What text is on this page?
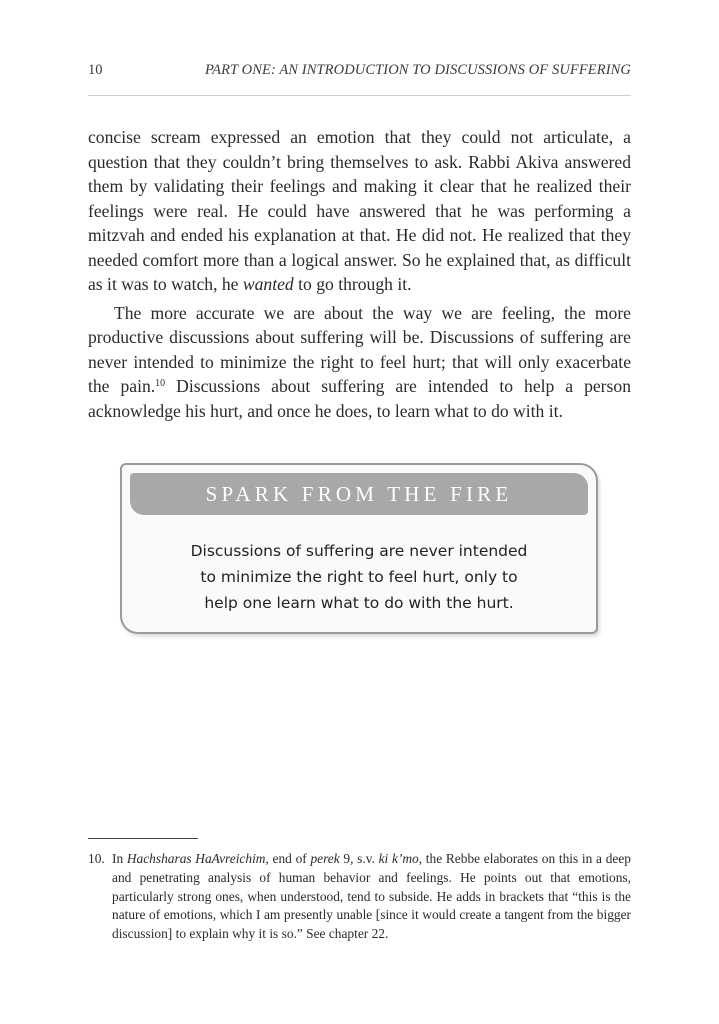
10	PART ONE: AN INTRODUCTION TO DISCUSSIONS OF SUFFERING

concise scream expressed an emotion that they could not articulate, a question that they couldn’t bring themselves to ask. Rabbi Akiva answered them by validating their feelings and making it clear that he realized their feelings were real. He could have answered that he was performing a mitzvah and ended his explanation at that. He did not. He realized that they needed comfort more than a logical answer. So he explained that, as difficult as it was to watch, he wanted to go through it.

The more accurate we are about the way we are feeling, the more productive discussions about suffering will be. Discussions of suffering are never intended to minimize the right to feel hurt; that will only exacerbate the pain.$^{10}$ Discussions about suffering are intended to help a person acknowledge his hurt, and once he does, to learn what to do with it.

SPARK FROM THE FIRE
Discussions of suffering are never intended
to minimize the right to feel hurt, only to
help one learn what to do with the hurt.
10. In Hachsharas HaAvreichim, end of perek 9, s.v. ki k’mo, the Rebbe elaborates on this in a deep and penetrating analysis of human behavior and feelings. He points out that emotions, particularly strong ones, when understood, tend to subside. He adds in brackets that “this is the nature of emotions, which I am presently unable [since it would create a tangent from the bigger discussion] to explain why it is so.” See chapter 22.
